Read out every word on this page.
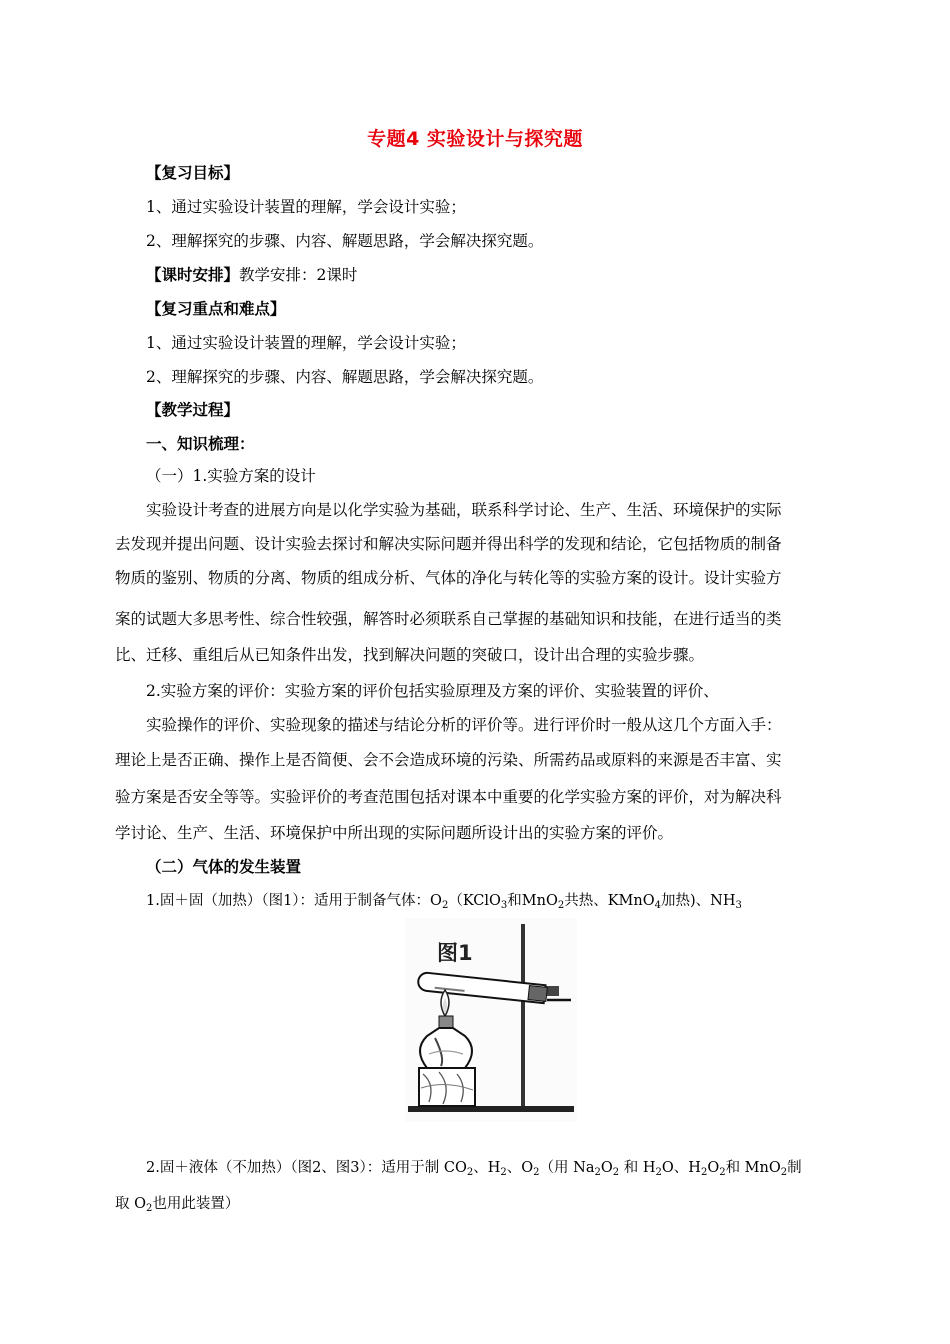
专题4 实验设计与探究题
【复习目标】
1、通过实验设计装置的理解，学会设计实验；
2、理解探究的步骤、内容、解题思路，学会解决探究题。
【课时安排】教学安排：2课时
【复习重点和难点】
1、通过实验设计装置的理解，学会设计实验；
2、理解探究的步骤、内容、解题思路，学会解决探究题。
【教学过程】
一、知识梳理：
（一）1.实验方案的设计
实验设计考查的进展方向是以化学实验为基础，联系科学讨论、生产、生活、环境保护的实际
去发现并提出问题、设计实验去探讨和解决实际问题并得出科学的发现和结论，它包括物质的制备
物质的鉴别、物质的分离、物质的组成分析、气体的净化与转化等的实验方案的设计。设计实验方
案的试题大多思考性、综合性较强，解答时必须联系自己掌握的基础知识和技能，在进行适当的类
比、迁移、重组后从已知条件出发，找到解决问题的突破口，设计出合理的实验步骤。
2.实验方案的评价：实验方案的评价包括实验原理及方案的评价、实验装置的评价、
实验操作的评价、实验现象的描述与结论分析的评价等。进行评价时一般从这几个方面入手：
理论上是否正确、操作上是否简便、会不会造成环境的污染、所需药品或原料的来源是否丰富、实
验方案是否安全等等。实验评价的考查范围包括对课本中重要的化学实验方案的评价，对为解决科
学讨论、生产、生活、环境保护中所出现的实际问题所设计出的实验方案的评价。
（二）气体的发生装置
1.固＋固（加热）（图1）：适用于制备气体：$O_2(KClO_3$和MnO$_2$共热、KMnO$_4$加热)、$NH_3$
图1
2.固＋液体（不加热）（图2、图3）：适用于制 $CO_2$、$H_2$、$O_2$（用 $Na_2O_2$ 和 $H_2O$、$H_2O_2$和 MnO$_2$制
取 $O_2$也用此装置）
